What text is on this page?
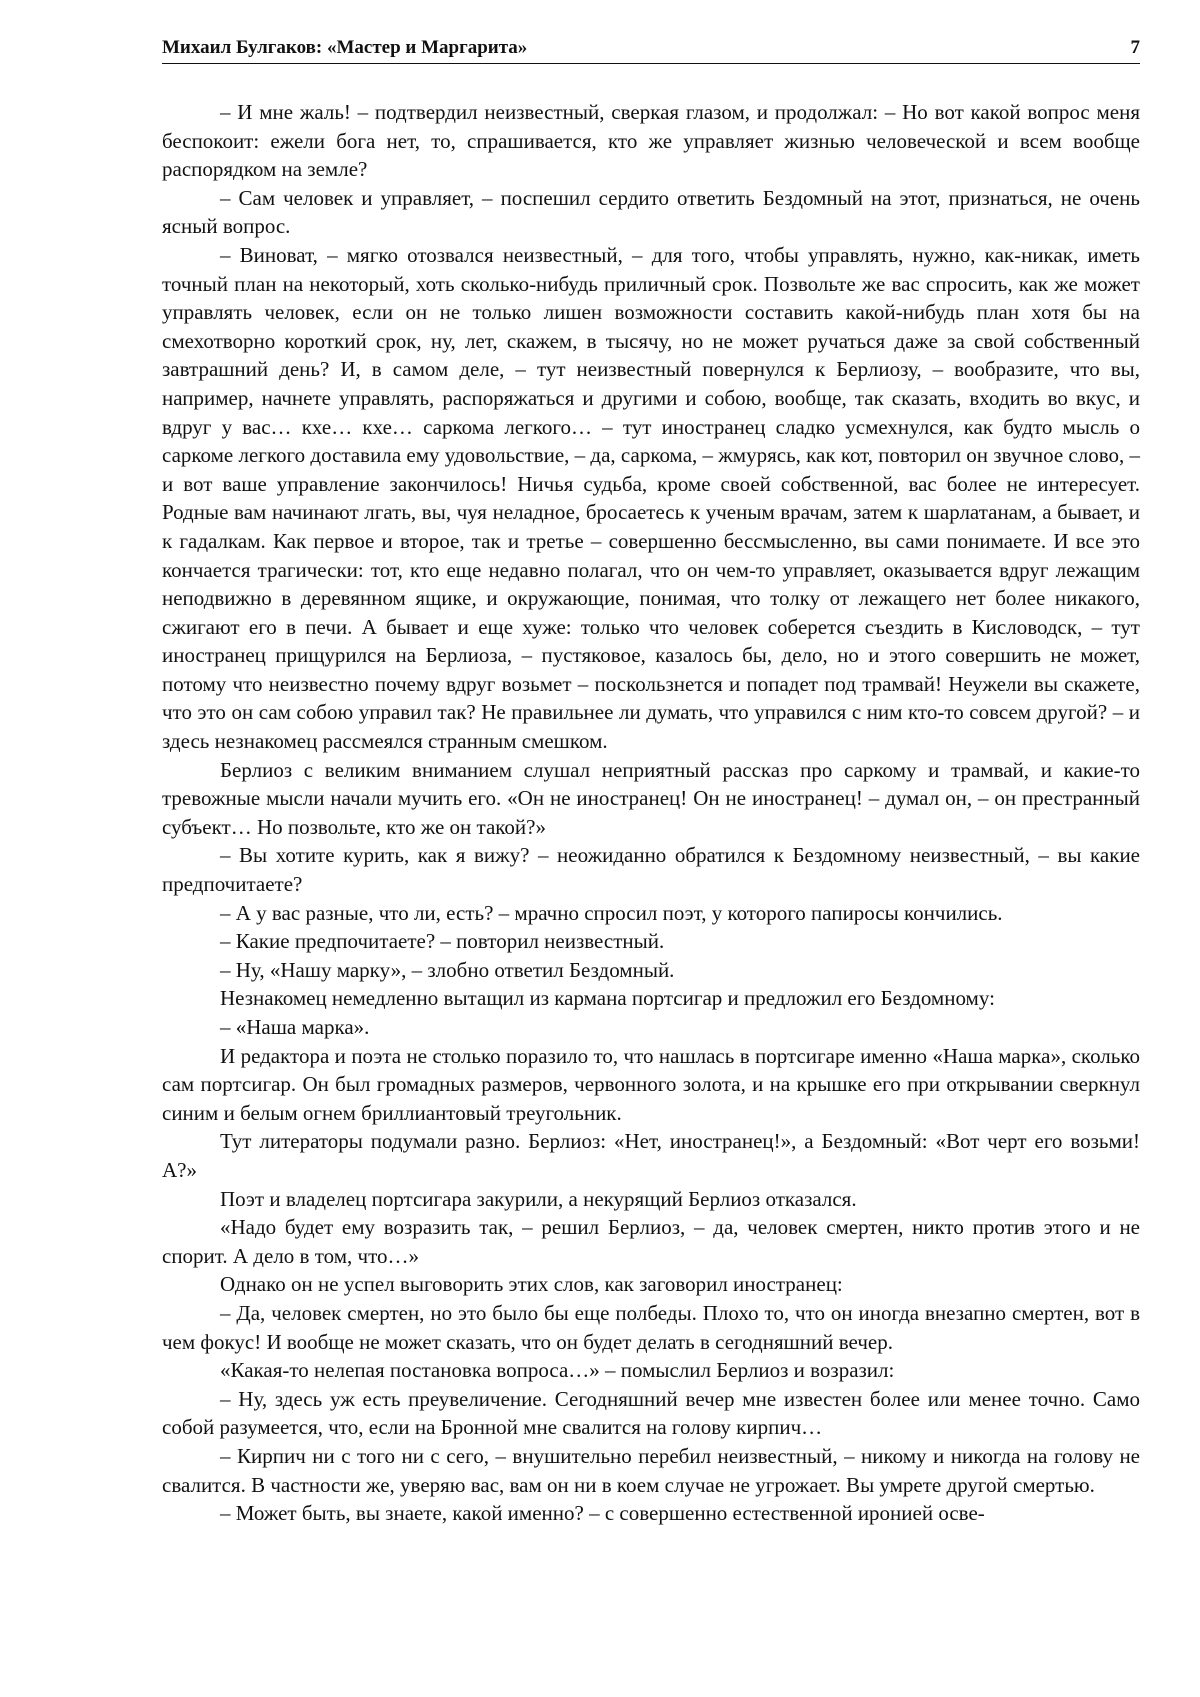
Михаил Булгаков: «Мастер и Маргарита»	7

– И мне жаль! – подтвердил неизвестный, сверкая глазом, и продолжал: – Но вот какой вопрос меня беспокоит: ежели бога нет, то, спрашивается, кто же управляет жизнью человеческой и всем вообще распорядком на земле?

– Сам человек и управляет, – поспешил сердито ответить Бездомный на этот, признаться, не очень ясный вопрос.

– Виноват, – мягко отозвался неизвестный, – для того, чтобы управлять, нужно, как-никак, иметь точный план на некоторый, хоть сколько-нибудь приличный срок. Позвольте же вас спросить, как же может управлять человек, если он не только лишен возможности составить какой-нибудь план хотя бы на смехотворно короткий срок, ну, лет, скажем, в тысячу, но не может ручаться даже за свой собственный завтрашний день? И, в самом деле, – тут неизвестный повернулся к Берлиозу, – вообразите, что вы, например, начнете управлять, распоряжаться и другими и собою, вообще, так сказать, входить во вкус, и вдруг у вас… кхе… кхе… саркома легкого… – тут иностранец сладко усмехнулся, как будто мысль о саркоме легкого доставила ему удовольствие, – да, саркома, – жмурясь, как кот, повторил он звучное слово, – и вот ваше управление закончилось! Ничья судьба, кроме своей собственной, вас более не интересует. Родные вам начинают лгать, вы, чуя неладное, бросаетесь к ученым врачам, затем к шарлатанам, а бывает, и к гадалкам. Как первое и второе, так и третье – совершенно бессмысленно, вы сами понимаете. И все это кончается трагически: тот, кто еще недавно полагал, что он чем-то управляет, оказывается вдруг лежащим неподвижно в деревянном ящике, и окружающие, понимая, что толку от лежащего нет более никакого, сжигают его в печи. А бывает и еще хуже: только что человек соберется съездить в Кисловодск, – тут иностранец прищурился на Берлиоза, – пустяковое, казалось бы, дело, но и этого совершить не может, потому что неизвестно почему вдруг возьмет – поскользнется и попадет под трамвай! Неужели вы скажете, что это он сам собою управил так? Не правильнее ли думать, что управился с ним кто-то совсем другой? – и здесь незнакомец рассмеялся странным смешком.

Берлиоз с великим вниманием слушал неприятный рассказ про саркому и трамвай, и какие-то тревожные мысли начали мучить его. «Он не иностранец! Он не иностранец! – думал он, – он престранный субъект… Но позвольте, кто же он такой?»

– Вы хотите курить, как я вижу? – неожиданно обратился к Бездомному неизвестный, – вы какие предпочитаете?

– А у вас разные, что ли, есть? – мрачно спросил поэт, у которого папиросы кончились.

– Какие предпочитаете? – повторил неизвестный.

– Ну, «Нашу марку», – злобно ответил Бездомный.

Незнакомец немедленно вытащил из кармана портсигар и предложил его Бездомному:

– «Наша марка».

И редактора и поэта не столько поразило то, что нашлась в портсигаре именно «Наша марка», сколько сам портсигар. Он был громадных размеров, червонного золота, и на крышке его при открывании сверкнул синим и белым огнем бриллиантовый треугольник.

Тут литераторы подумали разно. Берлиоз: «Нет, иностранец!», а Бездомный: «Вот черт его возьми! А?»

Поэт и владелец портсигара закурили, а некурящий Берлиоз отказался.

«Надо будет ему возразить так, – решил Берлиоз, – да, человек смертен, никто против этого и не спорит. А дело в том, что…»

Однако он не успел выговорить этих слов, как заговорил иностранец:

– Да, человек смертен, но это было бы еще полбеды. Плохо то, что он иногда внезапно смертен, вот в чем фокус! И вообще не может сказать, что он будет делать в сегодняшний вечер.

«Какая-то нелепая постановка вопроса…» – помыслил Берлиоз и возразил:

– Ну, здесь уж есть преувеличение. Сегодняшний вечер мне известен более или менее точно. Само собой разумеется, что, если на Бронной мне свалится на голову кирпич…

– Кирпич ни с того ни с сего, – внушительно перебил неизвестный, – никому и никогда на голову не свалится. В частности же, уверяю вас, вам он ни в коем случае не угрожает. Вы умрете другой смертью.

– Может быть, вы знаете, какой именно? – с совершенно естественной иронией осве-
